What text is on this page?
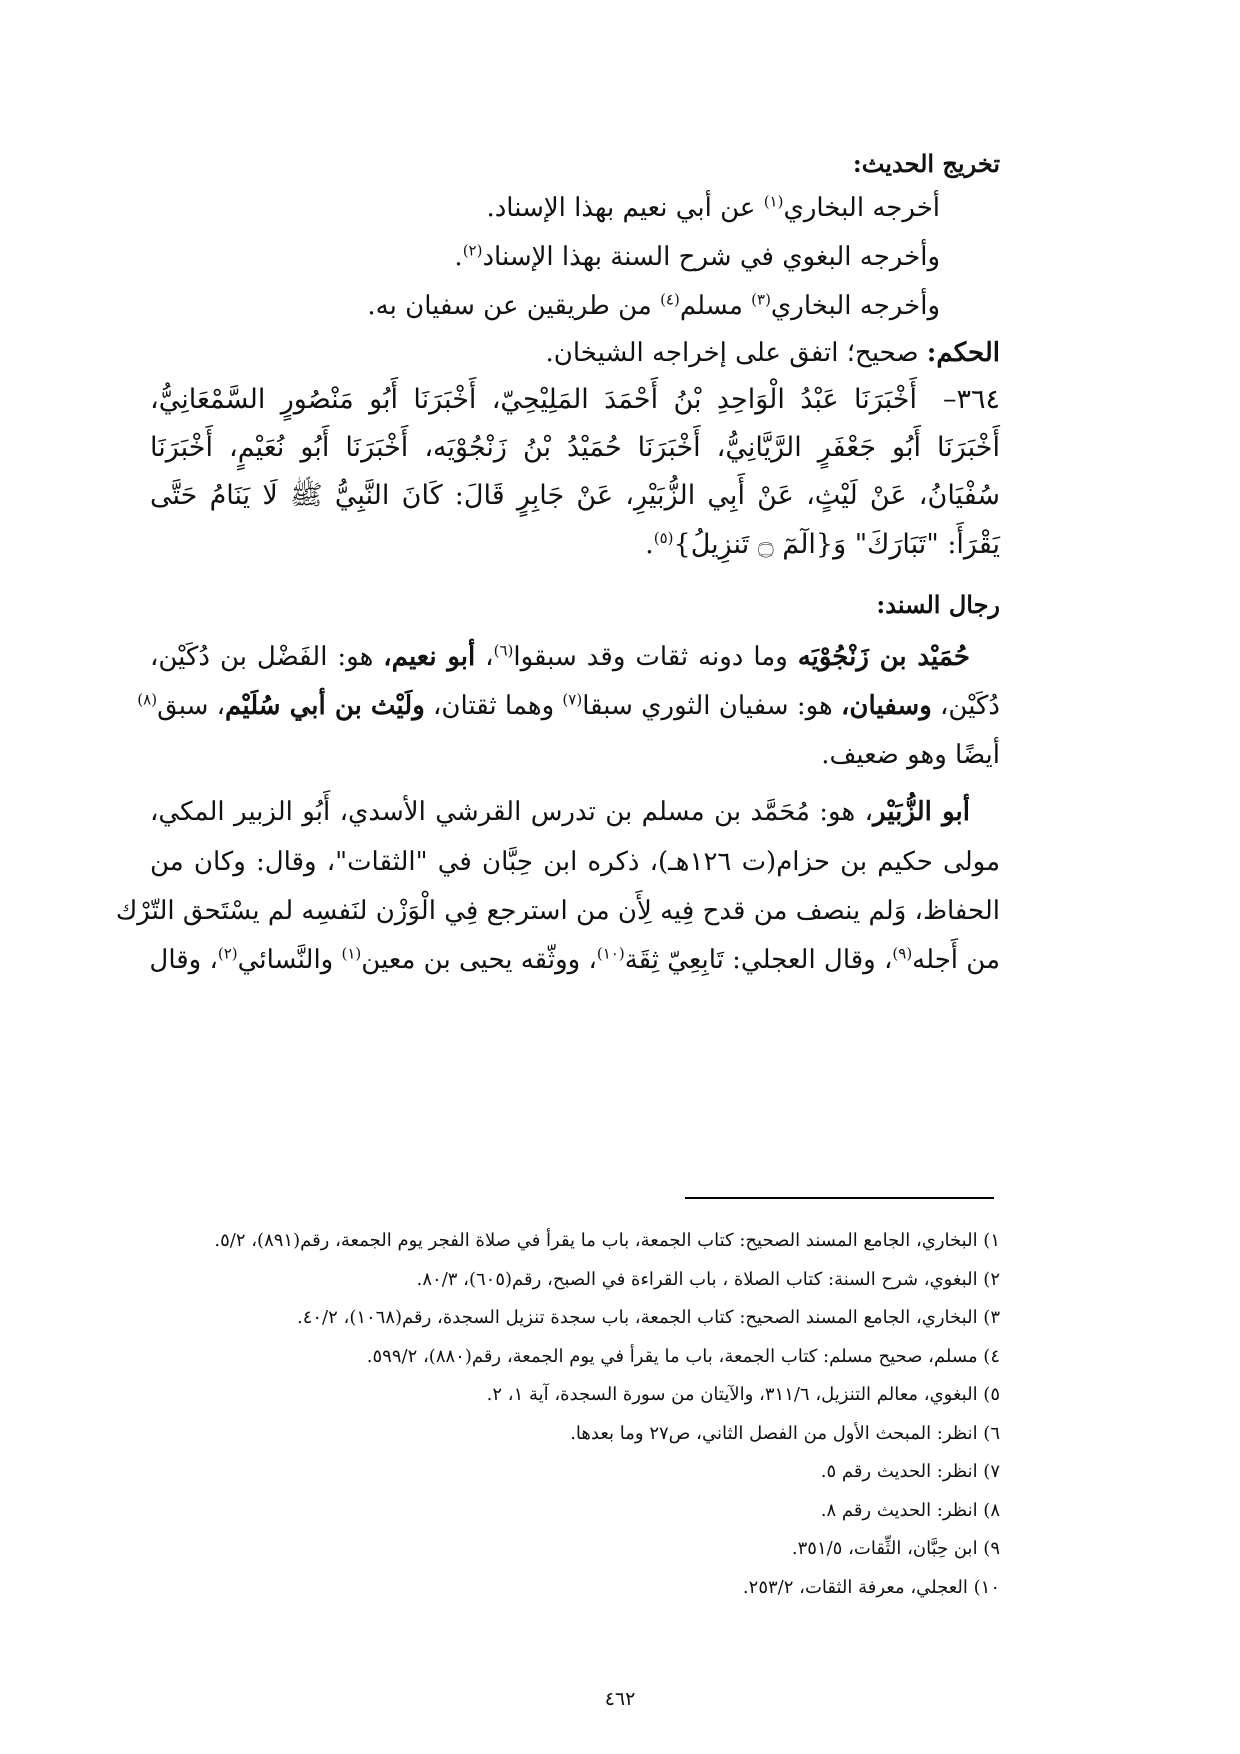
تخريج الحديث:
أخرجه البخاري$^{(١)}$ عن أبي نعيم بهذا الإسناد.
وأخرجه البغوي في شرح السنة بهذا الإسناد$^{(٢)}$.
وأخرجه البخاري$^{(٣)}$ مسلم$^{(٤)}$ من طريقين عن سفيان به.
الحكم: صحيح؛ اتفق على إخراجه الشيخان.
٣٦٤–أَخْبَرَنَا عَبْدُ الْوَاحِدِ بْنُ أَحْمَدَ المَلِيْحِيّ، أَخْبَرَنَا أَبُو مَنْصُورٍ السَّمْعَانِيُّ،
أَخْبَرَنَا أَبُو جَعْفَرٍ الرَّيَّانِيُّ، أَخْبَرَنَا حُمَيْدُ بْنُ زَنْجُوْيَه، أَخْبَرَنَا أَبُو نُعَيْمٍ، أَخْبَرَنَا
سُفْيَانُ، عَنْ لَيْثٍ، عَنْ أَبِي الزُّبَيْرِ، عَنْ جَابِرٍ قَالَ: كَانَ النَّبِيُّ ﷺ لَا يَنَامُ حَتَّى
يَقْرَأَ: "تَبَارَكَ" وَ{الٓمٓ ۝ تَنزِيلُ}$^{(٥)}$.
رجال السند:
حُمَيْد بن زَنْجُوْيَه وما دونه ثقات وقد سبقوا$^{(٦)}$، أبو نعيم، هو: الفَضْل بن دُكَيْن،
دُكَيْن، وسفيان، هو: سفيان الثوري سبقا$^{(٧)}$ وهما ثقتان، ولَيْث بن أبي سُلَيْم، سبق$^{(٨)}$
أيضًا وهو ضعيف.
أبو الزُّبَيْر، هو: مُحَمَّد بن مسلم بن تدرس القرشي الأسدي، أَبُو الزبير المكي،
مولى حكيم بن حزام(ت ١٢٦هـ)، ذكره ابن حِبَّان في "الثقات"، وقال: وكان من
الحفاظ، وَلم ينصف من قدح فِيه لِأَن من استرجع فِي الْوَزْن لنَفسِه لم يسْتَحق التّرْك
من أَجله$^{(٩)}$، وقال العجلي: تَابِعِيّ ثِقَة$^{(١٠)}$، ووثّقه يحيى بن معين$^{(١)}$ والنَّسائي$^{(٢)}$، وقال
١) البخاري، الجامع المسند الصحيح: كتاب الجمعة، باب ما يقرأ في صلاة الفجر يوم الجمعة، رقم(٨٩١)، ٥/٢.
٢) البغوي، شرح السنة: كتاب الصلاة ، باب القراءة في الصبح، رقم(٦٠٥)، ٨٠/٣.
٣) البخاري، الجامع المسند الصحيح: كتاب الجمعة، باب سجدة تنزيل السجدة، رقم(١٠٦٨)، ٤٠/٢.
٤) مسلم، صحيح مسلم: كتاب الجمعة، باب ما يقرأ في يوم الجمعة، رقم(٨٨٠)، ٥٩٩/٢.
٥) البغوي، معالم التنزيل، ٣١١/٦، والآيتان من سورة السجدة، آية ١، ٢.
٦) انظر: المبحث الأول من الفصل الثاني، ص٢٧ وما بعدها.
٧) انظر: الحديث رقم ٥.
٨) انظر: الحديث رقم ٨.
٩) ابن حِبَّان، الثِّقات، ٣٥١/٥.
١٠) العجلي، معرفة الثقات، ٢٥٣/٢.
٤٦٢
